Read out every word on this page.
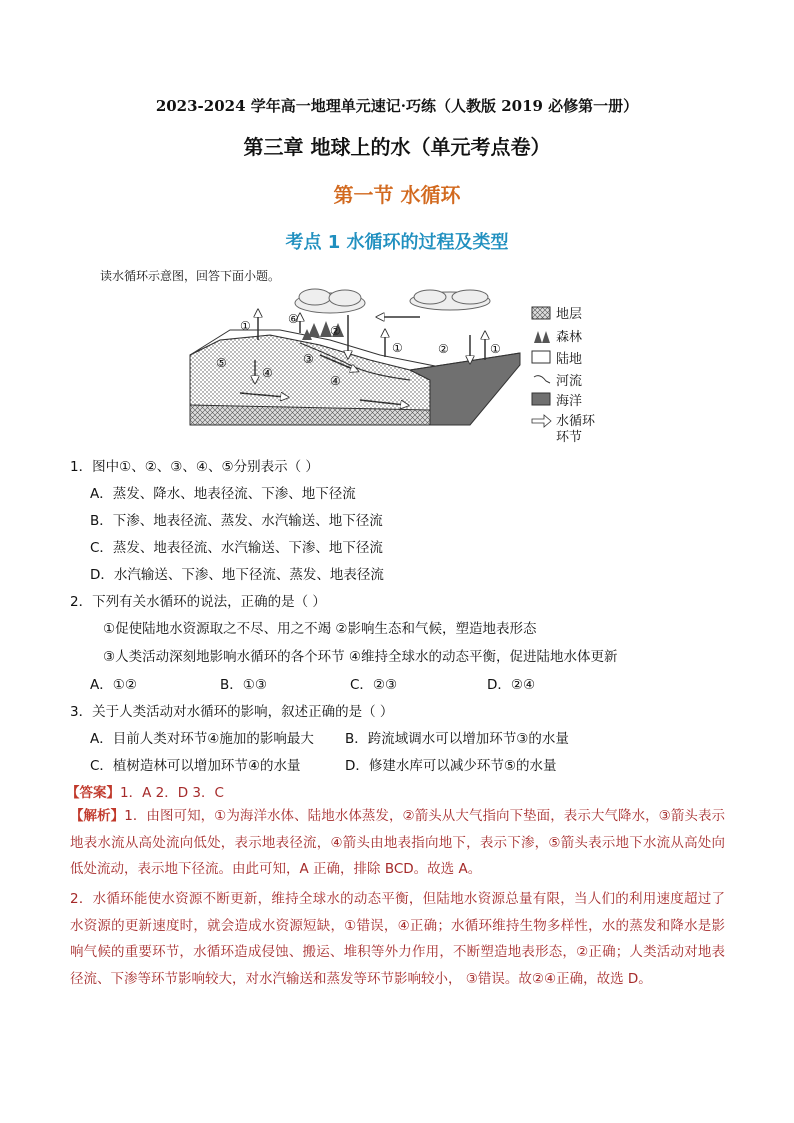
2023-2024 学年高一地理单元速记·巧练（人教版 2019 必修第一册）
第三章 地球上的水（单元考点卷）
第一节 水循环
考点 1 水循环的过程及类型
读水循环示意图，回答下面小题。
①	⑥
②
③
①	②	①
⑤
④
④
地层
森林
陆地
河流
海洋
水循环
环节
1．图中①、②、③、④、⑤分别表示（ ）
A．蒸发、降水、地表径流、下渗、地下径流
B．下渗、地表径流、蒸发、水汽输送、地下径流
C．蒸发、地表径流、水汽输送、下渗、地下径流
D．水汽输送、下渗、地下径流、蒸发、地表径流
2．下列有关水循环的说法，正确的是（ ）
①促使陆地水资源取之不尽、用之不竭 ②影响生态和气候，塑造地表形态
③人类活动深刻地影响水循环的各个环节 ④维持全球水的动态平衡，促进陆地水体更新
A．①②	B．①③	C．②③	D．②④
3．关于人类活动对水循环的影响，叙述正确的是（ ）
A．目前人类对环节④施加的影响最大 B．跨流域调水可以增加环节③的水量
C．植树造林可以增加环节④的水量	D．修建水库可以减少环节⑤的水量
【答案】1．A 2．D 3．C
【解析】1．由图可知，①为海洋水体、陆地水体蒸发，②箭头从大气指向下垫面，表示大气降水，③箭头表示地表水流从高处流向低处，表示地表径流，④箭头由地表指向地下，表示下渗，⑤箭头表示地下水流从高处向低处流动，表示地下径流。由此可知，A 正确，排除 BCD。故选 A。
2．水循环能使水资源不断更新，维持全球水的动态平衡，但陆地水资源总量有限，当人们的利用速度超过了水资源的更新速度时，就会造成水资源短缺，①错误，④正确；水循环维持生物多样性，水的蒸发和降水是影响气候的重要环节，水循环造成侵蚀、搬运、堆积等外力作用，不断塑造地表形态，②正确；人类活动对地表径流、下渗等环节影响较大，对水汽输送和蒸发等环节影响较小， ③错误。故②④正确，故选 D。
